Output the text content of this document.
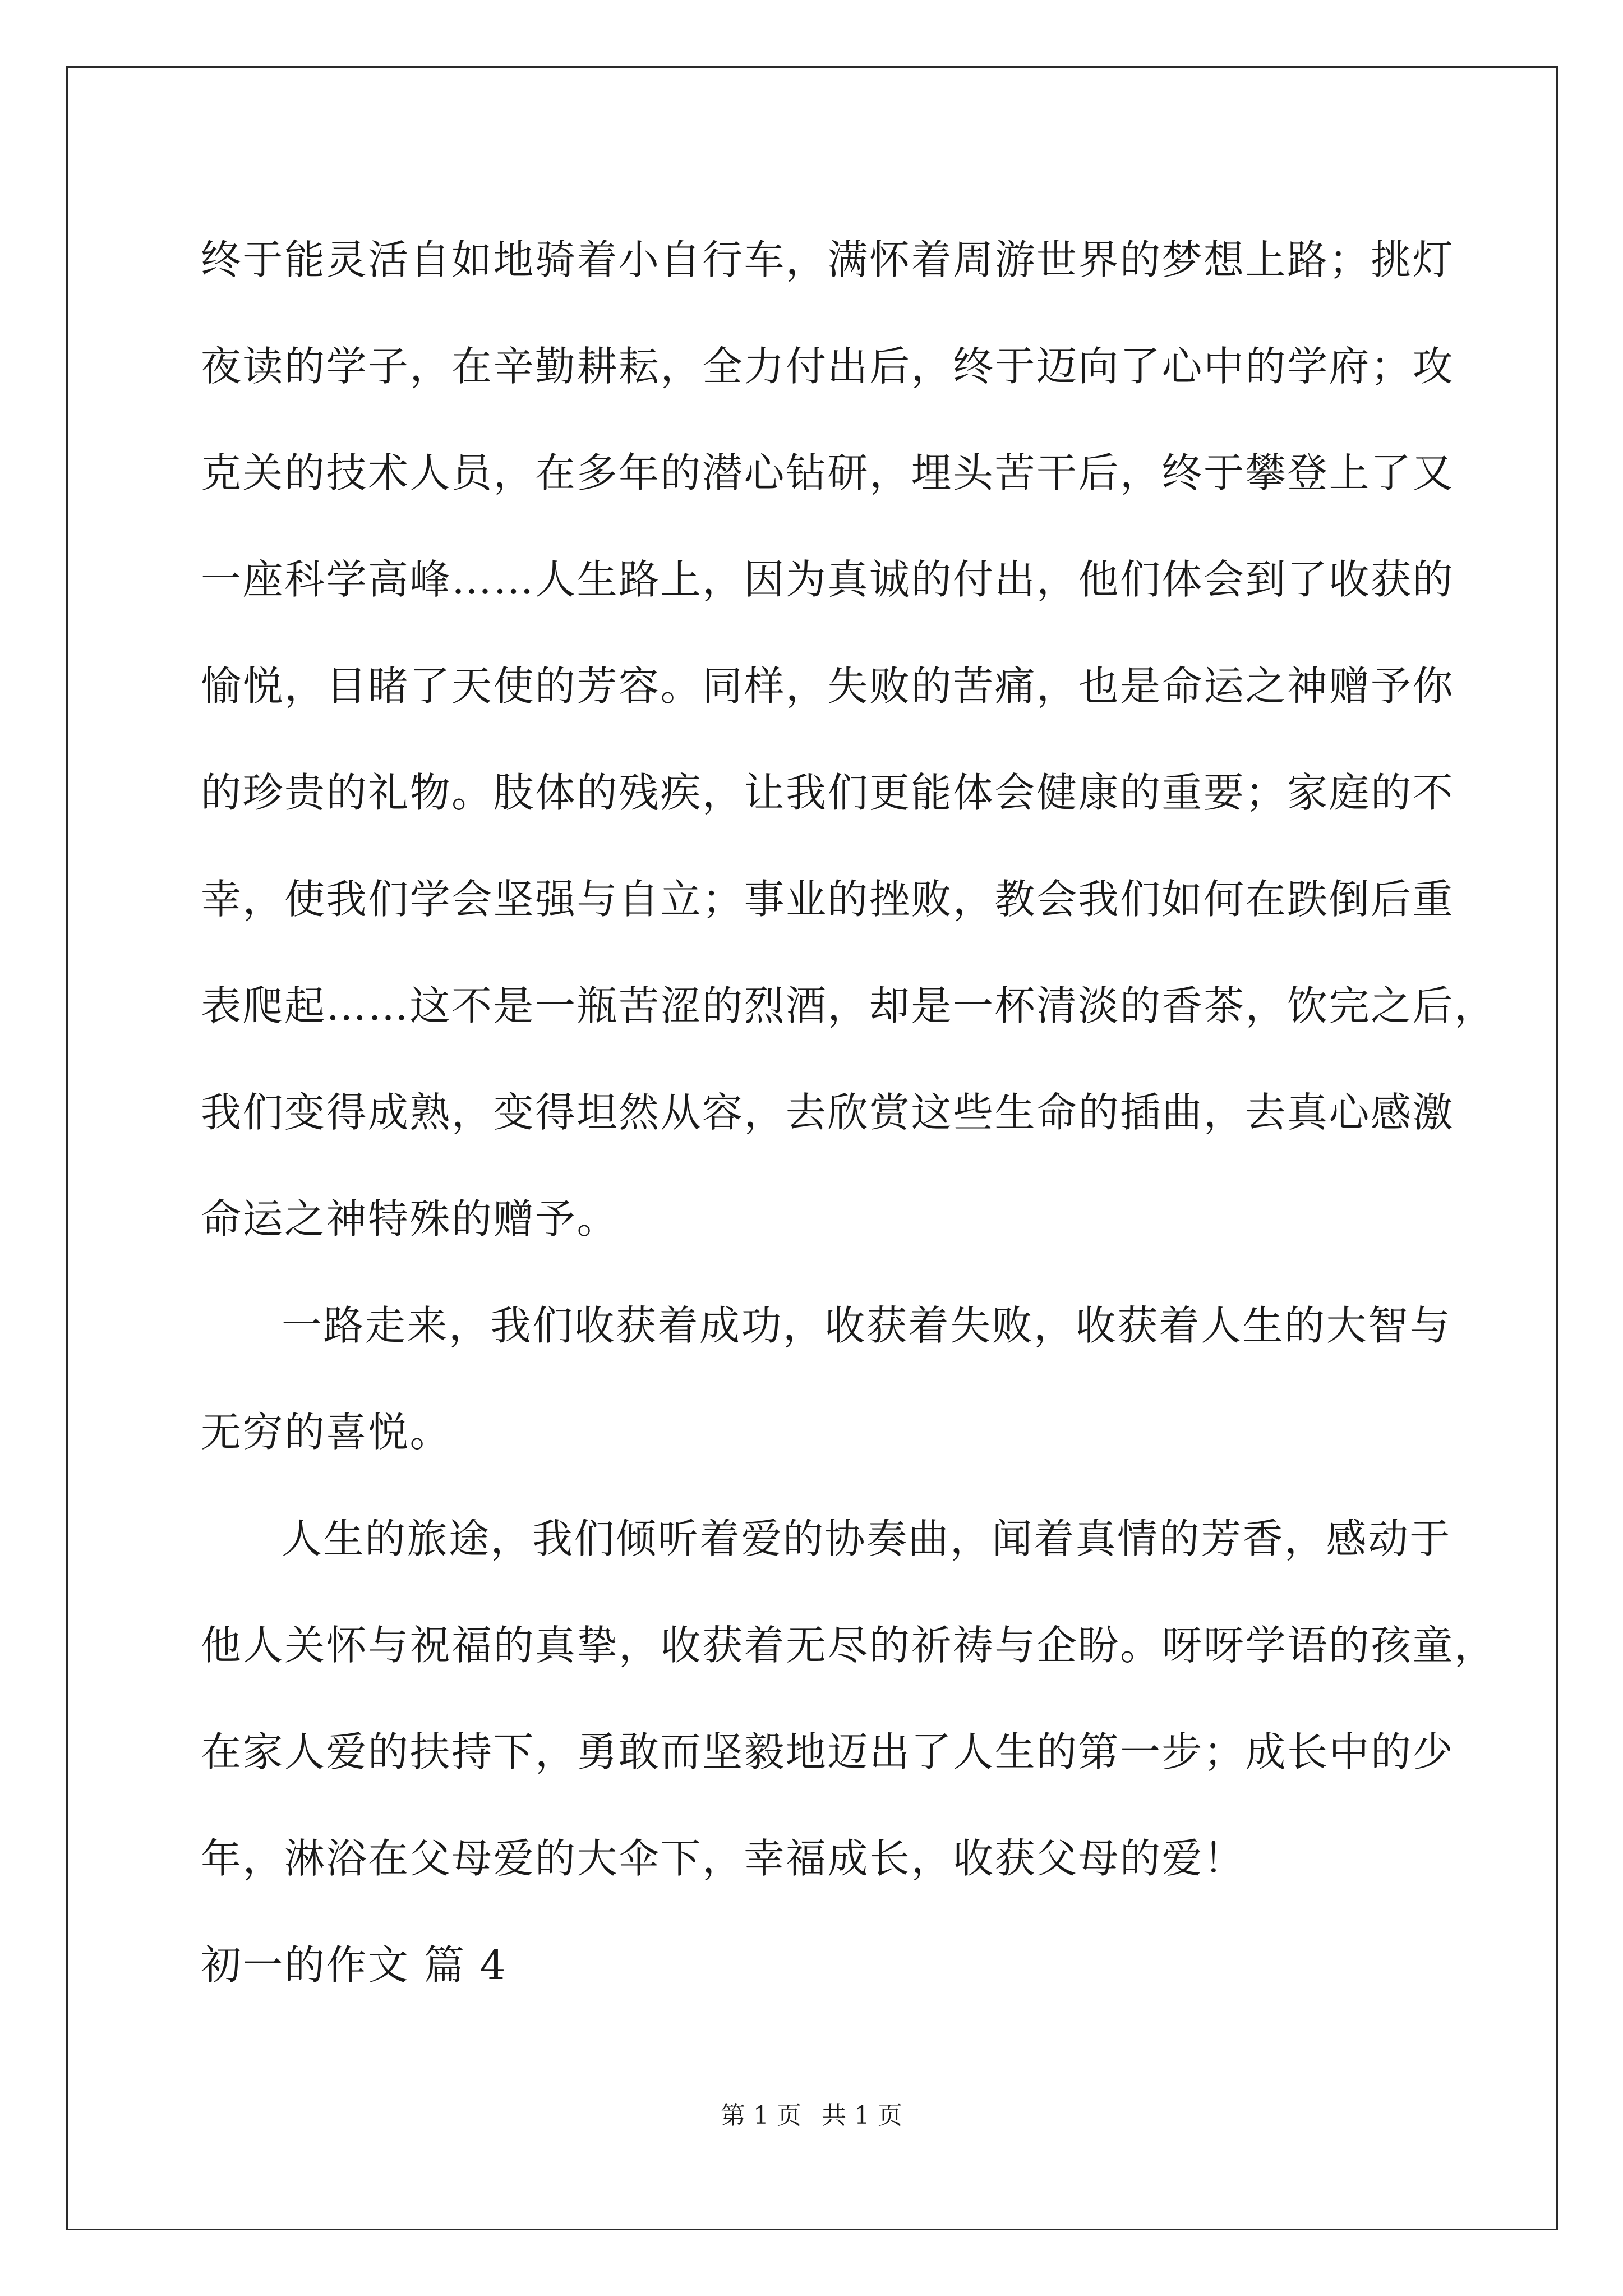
终于能灵活自如地骑着小自行车，满怀着周游世界的梦想上路；挑灯
夜读的学子，在辛勤耕耘，全力付出后，终于迈向了心中的学府；攻
克关的技术人员，在多年的潜心钻研，埋头苦干后，终于攀登上了又
一座科学高峰……人生路上，因为真诚的付出，他们体会到了收获的
愉悦，目睹了天使的芳容。同样，失败的苦痛，也是命运之神赠予你
的珍贵的礼物。肢体的残疾，让我们更能体会健康的重要；家庭的不
幸，使我们学会坚强与自立；事业的挫败，教会我们如何在跌倒后重
表爬起……这不是一瓶苦涩的烈酒，却是一杯清淡的香茶，饮完之后，
我们变得成熟，变得坦然从容，去欣赏这些生命的插曲，去真心感激
命运之神特殊的赠予。
一路走来，我们收获着成功，收获着失败，收获着人生的大智与
无穷的喜悦。
人生的旅途，我们倾听着爱的协奏曲，闻着真情的芳香，感动于
他人关怀与祝福的真挚，收获着无尽的祈祷与企盼。呀呀学语的孩童，
在家人爱的扶持下，勇敢而坚毅地迈出了人生的第一步；成长中的少
年，淋浴在父母爱的大伞下，幸福成长，收获父母的爱！
初一的作文 篇 4
第 1 页 共 1 页
